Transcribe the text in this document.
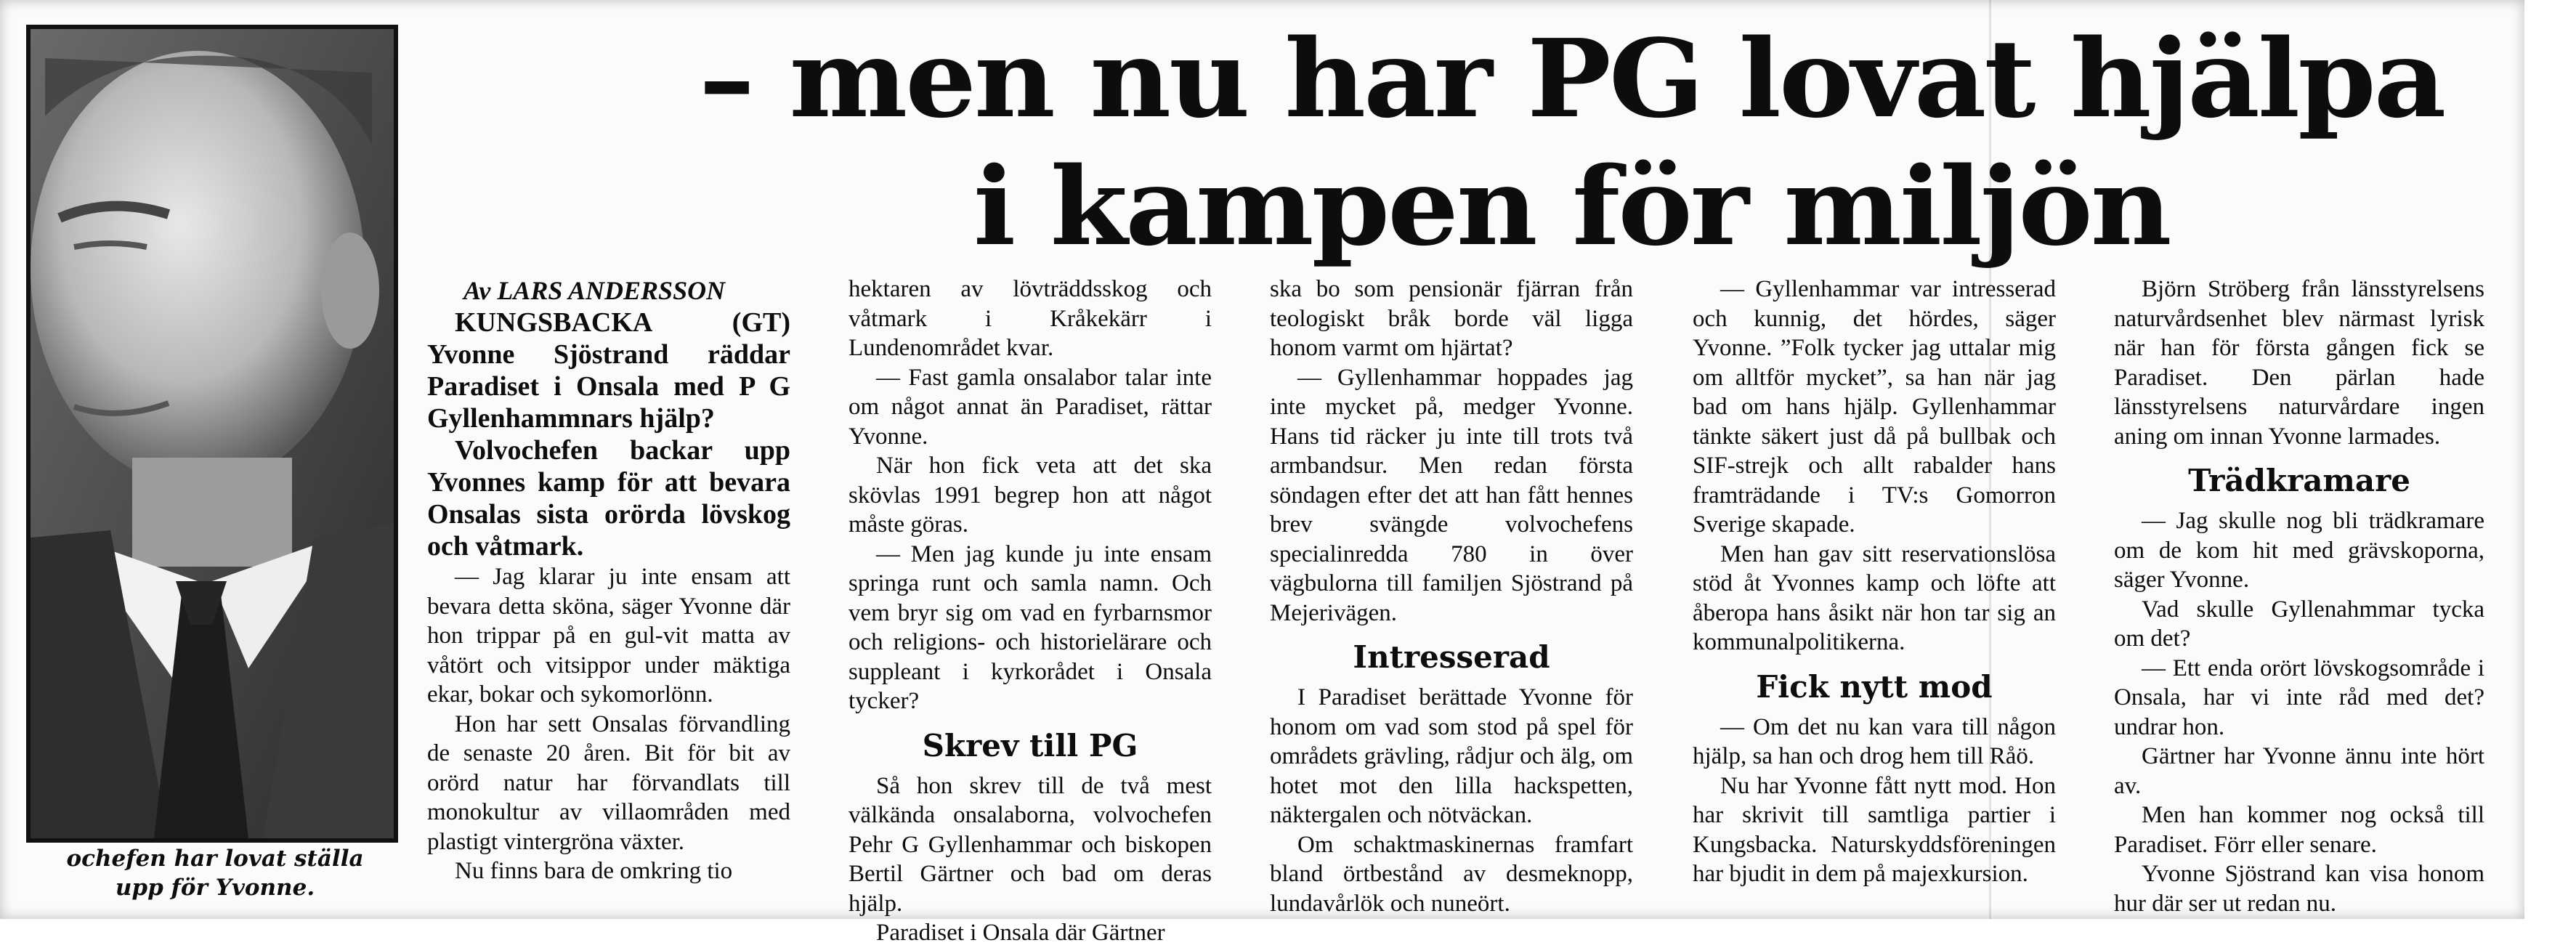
ochefen har lovat ställa
upp för Yvonne.
– men nu har PG lovat hjälpa
i kampen för miljön
Av LARS ANDERSSON

KUNGSBACKA (GT) Yvonne Sjöstrand räddar Paradiset i Onsala med P G Gyllenhammnars hjälp?

Volvochefen backar upp Yvonnes kamp för att bevara Onsalas sista orörda lövskog och våtmark.

— Jag klarar ju inte ensam att bevara detta sköna, säger Yvonne där hon trippar på en gul-vit matta av våtört och vitsippor under mäktiga ekar, bokar och sykomorlönn.

Hon har sett Onsalas förvandling de senaste 20 åren. Bit för bit av orörd natur har förvandlats till monokultur av villaområden med plastigt vintergröna växter.

Nu finns bara de omkring tio

hektaren av lövträddsskog och våtmark i Kråkekärr i Lundenområdet kvar.

— Fast gamla onsalabor talar inte om något annat än Paradiset, rättar Yvonne.

När hon fick veta att det ska skövlas 1991 begrep hon att något måste göras.

— Men jag kunde ju inte ensam springa runt och samla namn. Och vem bryr sig om vad en fyrbarnsmor och religions- och historielärare och suppleant i kyrkorådet i Onsala tycker?

Skrev till PG

Så hon skrev till de två mest välkända onsalaborna, volvochefen Pehr G Gyllenhammar och biskopen Bertil Gärtner och bad om deras hjälp.

Paradiset i Onsala där Gärtner

ska bo som pensionär fjärran från teologiskt bråk borde väl ligga honom varmt om hjärtat?

— Gyllenhammar hoppades jag inte mycket på, medger Yvonne. Hans tid räcker ju inte till trots två armbandsur. Men redan första söndagen efter det att han fått hennes brev svängde volvochefens specialinredda 780 in över vägbulorna till familjen Sjöstrand på Mejerivägen.

Intresserad

I Paradiset berättade Yvonne för honom om vad som stod på spel för områdets grävling, rådjur och älg, om hotet mot den lilla hackspetten, näktergalen och nötväckan.

Om schaktmaskinernas framfart bland örtbestånd av desmeknopp, lundavårlök och nuneört.

— Gyllenhammar var intresserad och kunnig, det hördes, säger Yvonne. ”Folk tycker jag uttalar mig om alltför mycket”, sa han när jag bad om hans hjälp. Gyllenhammar tänkte säkert just då på bullbak och SIF-strejk och allt rabalder hans framträdande i TV:s Gomorron Sverige skapade.

Men han gav sitt reservationslösa stöd åt Yvonnes kamp och löfte att åberopa hans åsikt när hon tar sig an kommunalpolitikerna.

Fick nytt mod

— Om det nu kan vara till någon hjälp, sa han och drog hem till Råö.

Nu har Yvonne fått nytt mod. Hon har skrivit till samtliga partier i Kungsbacka. Naturskyddsföreningen har bjudit in dem på majexkursion.

Björn Ströberg från länsstyrelsens naturvårdsenhet blev närmast lyrisk när han för första gången fick se Paradiset. Den pärlan hade länsstyrelsens naturvårdare ingen aning om innan Yvonne larmades.

Trädkramare

— Jag skulle nog bli trädkramare om de kom hit med grävskoporna, säger Yvonne.

Vad skulle Gyllenahmmar tycka om det?

— Ett enda orört lövskogsområde i Onsala, har vi inte råd med det? undrar hon.

Gärtner har Yvonne ännu inte hört av.

Men han kommer nog också till Paradiset. Förr eller senare.

Yvonne Sjöstrand kan visa honom hur där ser ut redan nu.
